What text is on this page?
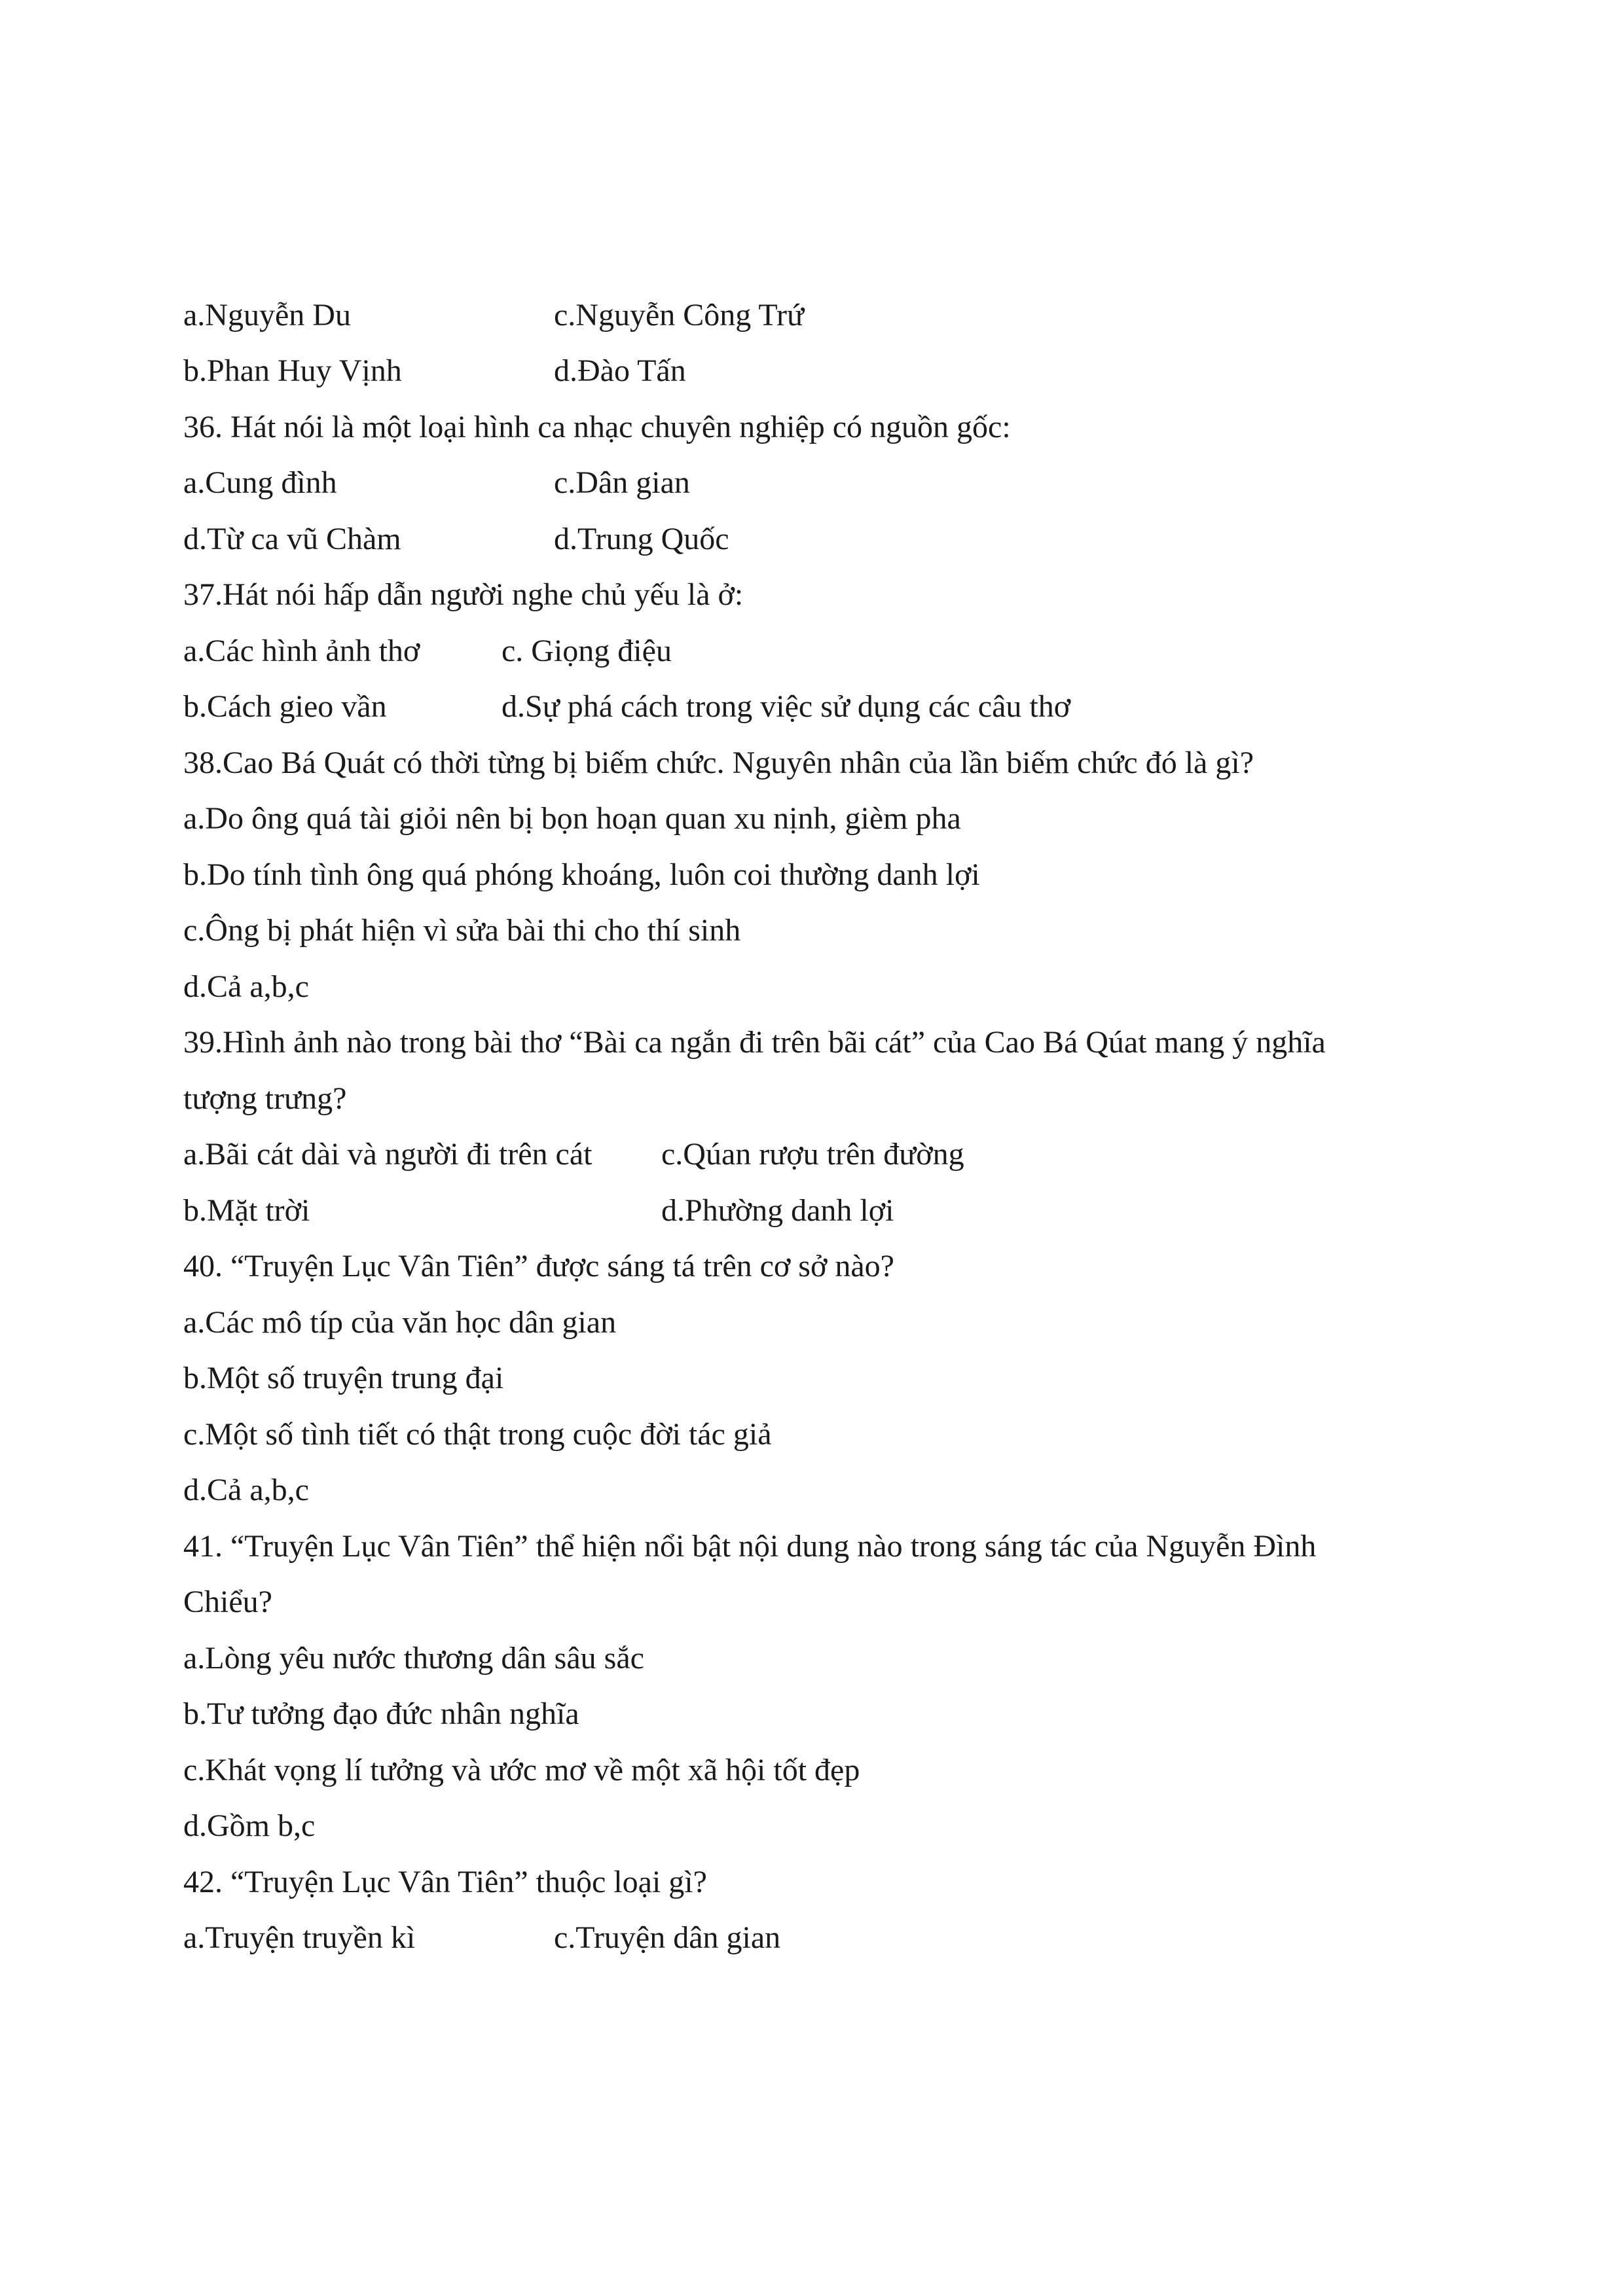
a.Nguyễn Du	c.Nguyễn Công Trứ
b.Phan Huy Vịnh	d.Đào Tấn
36. Hát nói là một loại hình ca nhạc chuyên nghiệp có nguồn gốc:
a.Cung đình	c.Dân gian
d.Từ ca vũ Chàm	d.Trung Quốc
37.Hát nói hấp dẫn người nghe chủ yếu là ở:
a.Các hình ảnh thơ	c. Giọng điệu
b.Cách gieo vần	d.Sự phá cách trong việc sử dụng các câu thơ
38.Cao Bá Quát có thời từng bị biếm chức. Nguyên nhân của lần biếm chức đó là gì?
a.Do ông quá tài giỏi nên bị bọn hoạn quan xu nịnh, gièm pha
b.Do tính tình ông quá phóng khoáng, luôn coi thường danh lợi
c.Ông bị phát hiện vì sửa bài thi cho thí sinh
d.Cả a,b,c
39.Hình ảnh nào trong bài thơ “Bài ca ngắn đi trên bãi cát” của Cao Bá Qúat mang ý nghĩa
tượng trưng?
a.Bãi cát dài và người đi trên cát c.Qúan rượu trên đường
b.Mặt trời	d.Phường danh lợi
40. “Truyện Lục Vân Tiên” được sáng tá trên cơ sở nào?
a.Các mô típ của văn học dân gian
b.Một số truyện trung đại
c.Một số tình tiết có thật trong cuộc đời tác giả
d.Cả a,b,c
41. “Truyện Lục Vân Tiên” thể hiện nổi bật nội dung nào trong sáng tác của Nguyễn Đình
Chiểu?
a.Lòng yêu nước thương dân sâu sắc
b.Tư tưởng đạo đức nhân nghĩa
c.Khát vọng lí tưởng và ước mơ về một xã hội tốt đẹp
d.Gồm b,c
42. “Truyện Lục Vân Tiên” thuộc loại gì?
a.Truyện truyền kì	c.Truyện dân gian
